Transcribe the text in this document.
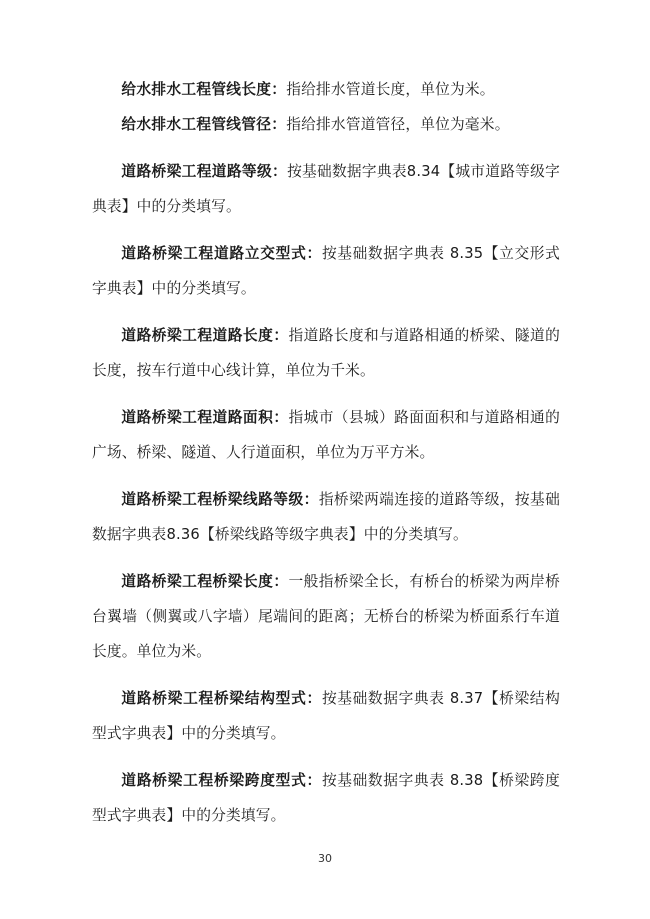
给水排水工程管线长度：指给排水管道长度，单位为米。

给水排水工程管线管径：指给排水管道管径，单位为毫米。

道路桥梁工程道路等级：按基础数据字典表8.34【城市道路等级字典表】中的分类填写。

道路桥梁工程道路立交型式：按基础数据字典表 8.35【立交形式字典表】中的分类填写。

道路桥梁工程道路长度：指道路长度和与道路相通的桥梁、隧道的长度，按车行道中心线计算，单位为千米。

道路桥梁工程道路面积：指城市（县城）路面面积和与道路相通的广场、桥梁、隧道、人行道面积，单位为万平方米。

道路桥梁工程桥梁线路等级：指桥梁两端连接的道路等级，按基础数据字典表8.36【桥梁线路等级字典表】中的分类填写。

道路桥梁工程桥梁长度：一般指桥梁全长，有桥台的桥梁为两岸桥台翼墙（侧翼或八字墙）尾端间的距离；无桥台的桥梁为桥面系行车道长度。单位为米。

道路桥梁工程桥梁结构型式：按基础数据字典表 8.37【桥梁结构型式字典表】中的分类填写。

道路桥梁工程桥梁跨度型式：按基础数据字典表 8.38【桥梁跨度型式字典表】中的分类填写。

30
